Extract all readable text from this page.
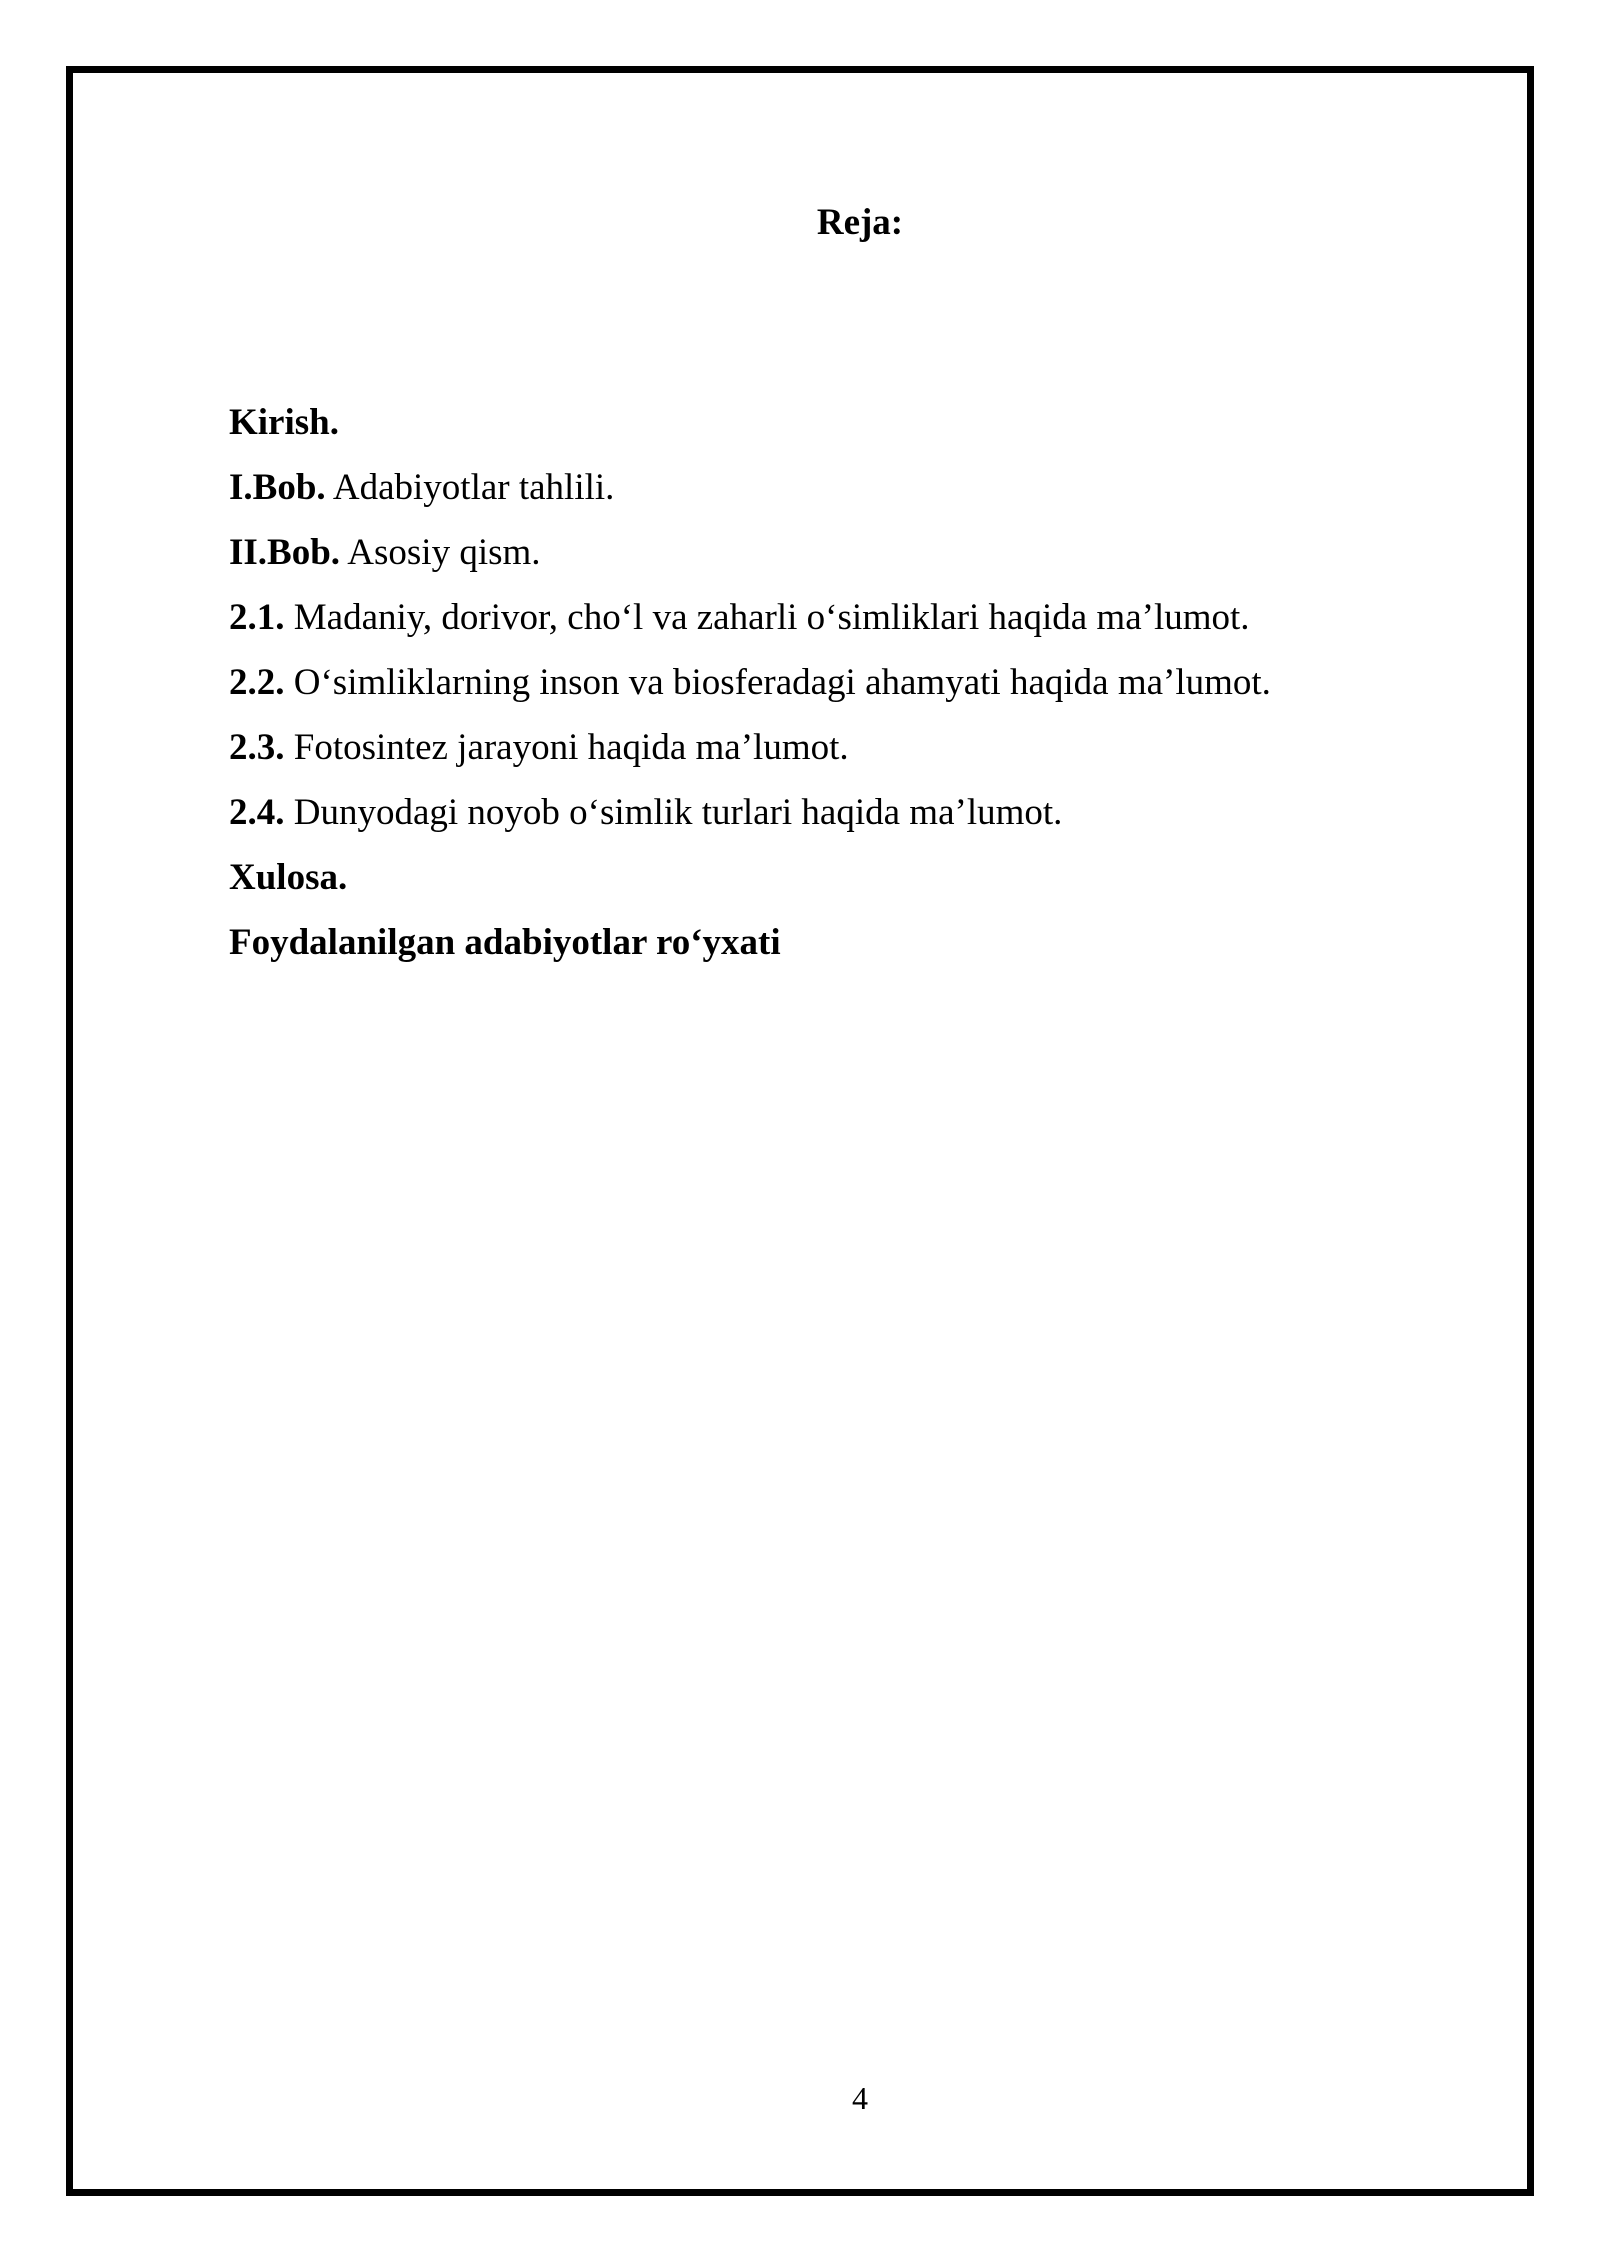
Reja:
Kirish.
I.Bob. Adabiyotlar tahlili.
II.Bob. Asosiy qism.
2.1. Madaniy, dorivor, cho‘l va zaharli o‘simliklari haqida ma’lumot.
2.2. O‘simliklarning inson va biosferadagi ahamyati haqida ma’lumot.
2.3. Fotosintez jarayoni haqida ma’lumot.
2.4. Dunyodagi noyob o‘simlik turlari haqida ma’lumot.
Xulosa.
Foydalanilgan adabiyotlar ro‘yxati
4
